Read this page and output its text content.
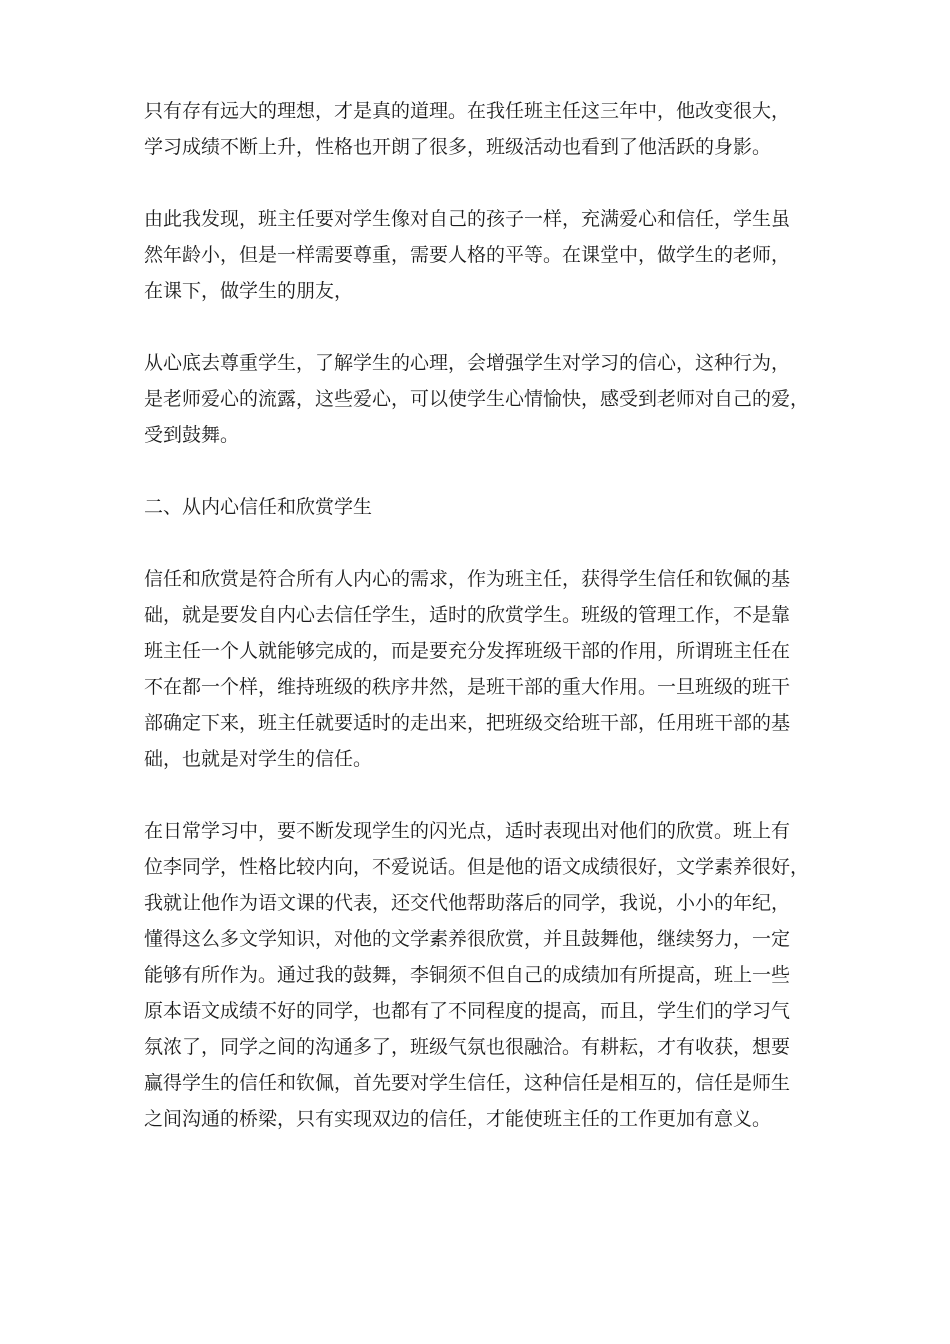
只有存有远大的理想，才是真的道理。在我任班主任这三年中，他改变很大，
学习成绩不断上升，性格也开朗了很多，班级活动也看到了他活跃的身影。

由此我发现，班主任要对学生像对自己的孩子一样，充满爱心和信任，学生虽
然年龄小，但是一样需要尊重，需要人格的平等。在课堂中，做学生的老师，
在课下，做学生的朋友，

从心底去尊重学生，了解学生的心理，会增强学生对学习的信心，这种行为，
是老师爱心的流露，这些爱心，可以使学生心情愉快，感受到老师对自己的爱，
受到鼓舞。

二、从内心信任和欣赏学生

信任和欣赏是符合所有人内心的需求，作为班主任，获得学生信任和钦佩的基
础，就是要发自内心去信任学生，适时的欣赏学生。班级的管理工作，不是靠
班主任一个人就能够完成的，而是要充分发挥班级干部的作用，所谓班主任在
不在都一个样，维持班级的秩序井然，是班干部的重大作用。一旦班级的班干
部确定下来，班主任就要适时的走出来，把班级交给班干部，任用班干部的基
础，也就是对学生的信任。

在日常学习中，要不断发现学生的闪光点，适时表现出对他们的欣赏。班上有
位李同学，性格比较内向，不爱说话。但是他的语文成绩很好，文学素养很好，
我就让他作为语文课的代表，还交代他帮助落后的同学，我说，小小的年纪，
懂得这么多文学知识，对他的文学素养很欣赏，并且鼓舞他，继续努力，一定
能够有所作为。通过我的鼓舞，李铜须不但自己的成绩加有所提高，班上一些
原本语文成绩不好的同学，也都有了不同程度的提高，而且，学生们的学习气
氛浓了，同学之间的沟通多了，班级气氛也很融洽。有耕耘，才有收获，想要
赢得学生的信任和钦佩，首先要对学生信任，这种信任是相互的，信任是师生
之间沟通的桥梁，只有实现双边的信任，才能使班主任的工作更加有意义。
